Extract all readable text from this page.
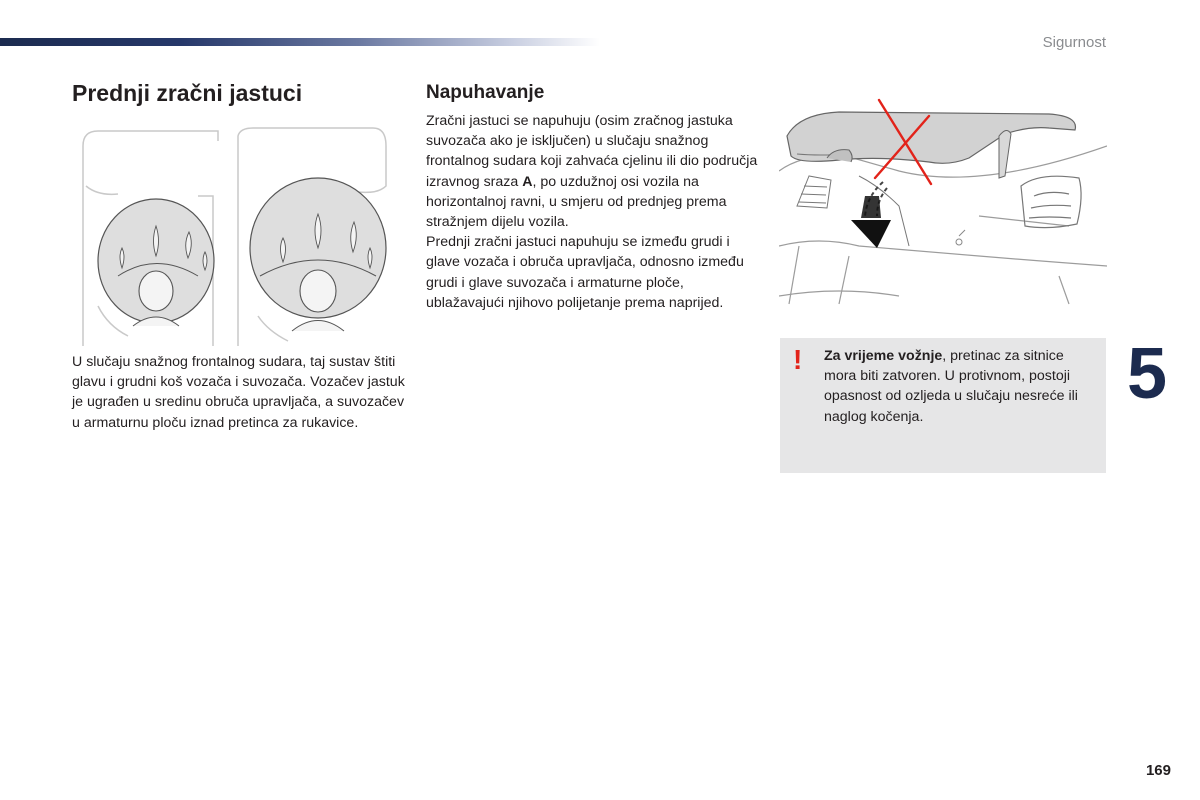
Sigurnost
Prednji zračni jastuci

U slučaju snažnog frontalnog sudara, taj sustav štiti glavu i grudni koš vozača i suvozača. Vozačev jastuk je ugrađen u sredinu obruča upravljača, a suvozačev u armaturnu ploču iznad pretinca za rukavice.

Napuhavanje

Zračni jastuci se napuhuju (osim zračnog jastuka suvozača ako je isključen) u slučaju snažnog frontalnog sudara koji zahvaća cjelinu ili dio područja izravnog sraza A, po uzdužnoj osi vozila na horizontalnoj ravni, u smjeru od prednjeg prema stražnjem dijelu vozila.

Prednji zračni jastuci napuhuju se između grudi i glave vozača i obruča upravljača, odnosno između grudi i glave suvozača i armaturne ploče, ublažavajući njihovo polijetanje prema naprijed.

! Za vrijeme vožnje, pretinac za sitnice mora biti zatvoren. U protivnom, postoji opasnost od ozljeda u slučaju nesreće ili naglog kočenja.

5
169
